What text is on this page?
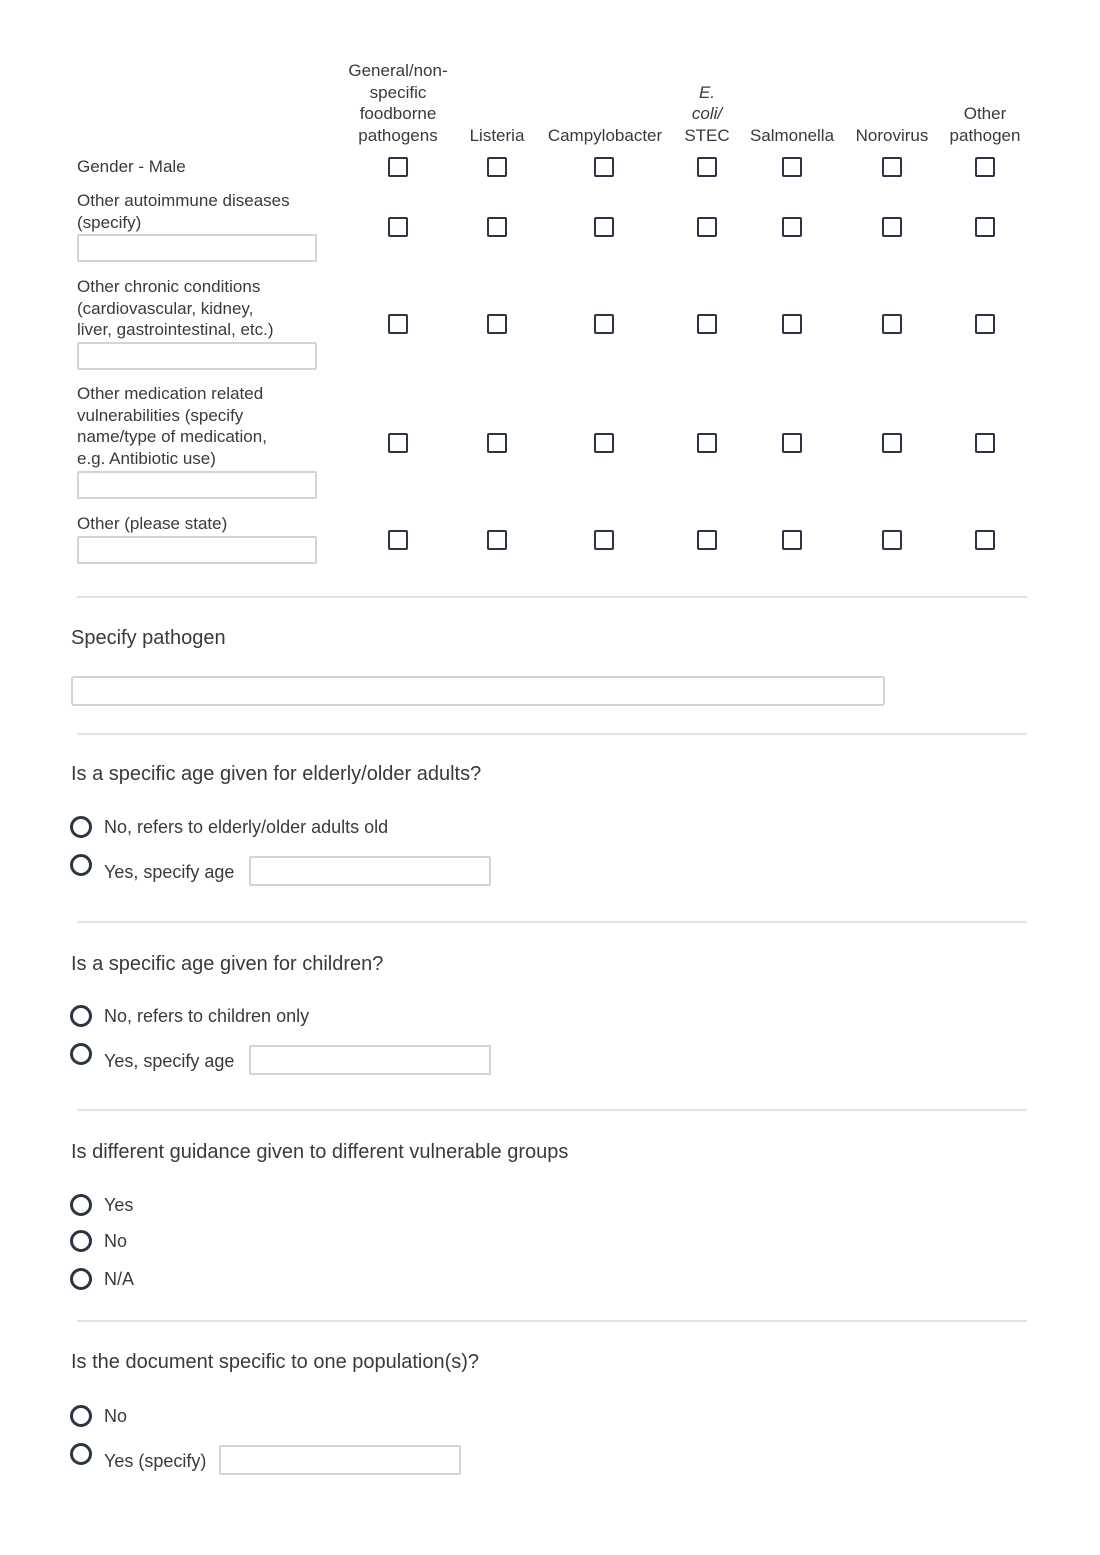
General/non-
specific
foodborne
pathogens Listeria Campylobacter
E.
coli/
STEC Salmonella Norovirus
Other
pathogen
Gender - Male
Other autoimmune diseases
(specify)
Other chronic conditions
(cardiovascular, kidney,
liver, gastrointestinal, etc.)
Other medication related
vulnerabilities (specify
name/type of medication,
e.g. Antibiotic use)
Other (please state)
Specify pathogen
Is a specific age given for elderly/older adults?
No, refers to elderly/older adults old
Yes, specify age
Is a specific age given for children?
No, refers to children only
Yes, specify age
Is different guidance given to different vulnerable groups
Yes
No
N/A
Is the document specific to one population(s)?
No
Yes (specify)
